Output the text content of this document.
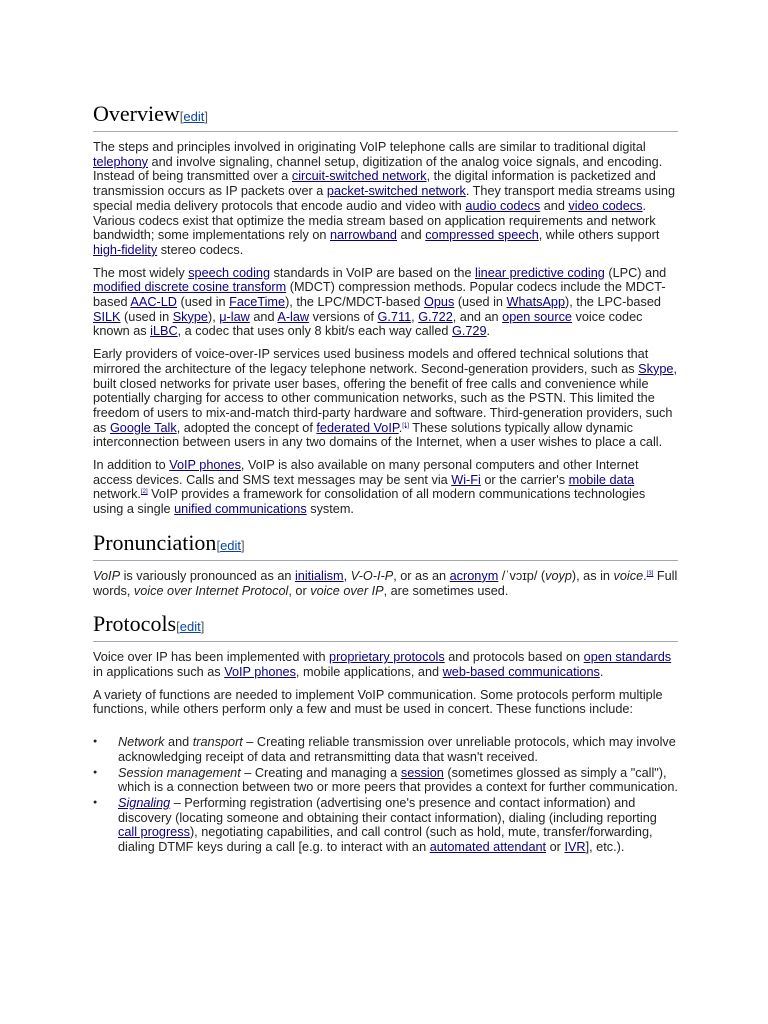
Overview[edit]

The steps and principles involved in originating VoIP telephone calls are similar to traditional digital telephony and involve signaling, channel setup, digitization of the analog voice signals, and encoding. Instead of being transmitted over a circuit-switched network, the digital information is packetized and transmission occurs as IP packets over a packet-switched network. They transport media streams using special media delivery protocols that encode audio and video with audio codecs and video codecs. Various codecs exist that optimize the media stream based on application requirements and network bandwidth; some implementations rely on narrowband and compressed speech, while others support high-fidelity stereo codecs.

The most widely speech coding standards in VoIP are based on the linear predictive coding (LPC) and modified discrete cosine transform (MDCT) compression methods. Popular codecs include the MDCT-based AAC-LD (used in FaceTime), the LPC/MDCT-based Opus (used in WhatsApp), the LPC-based SILK (used in Skype), μ-law and A-law versions of G.711, G.722, and an open source voice codec known as iLBC, a codec that uses only 8 kbit/s each way called G.729.

Early providers of voice-over-IP services used business models and offered technical solutions that mirrored the architecture of the legacy telephone network. Second-generation providers, such as Skype, built closed networks for private user bases, offering the benefit of free calls and convenience while potentially charging for access to other communication networks, such as the PSTN. This limited the freedom of users to mix-and-match third-party hardware and software. Third-generation providers, such as Google Talk, adopted the concept of federated VoIP.[1] These solutions typically allow dynamic interconnection between users in any two domains of the Internet, when a user wishes to place a call.

In addition to VoIP phones, VoIP is also available on many personal computers and other Internet access devices. Calls and SMS text messages may be sent via Wi-Fi or the carrier's mobile data network.[2] VoIP provides a framework for consolidation of all modern communications technologies using a single unified communications system.

Pronunciation[edit]

VoIP is variously pronounced as an initialism, V-O-I-P, or as an acronym /ˈvɔɪp/ (voyp), as in voice.[3] Full words, voice over Internet Protocol, or voice over IP, are sometimes used.

Protocols[edit]

Voice over IP has been implemented with proprietary protocols and protocols based on open standards in applications such as VoIP phones, mobile applications, and web-based communications.

A variety of functions are needed to implement VoIP communication. Some protocols perform multiple functions, while others perform only a few and must be used in concert. These functions include:

● Network and transport – Creating reliable transmission over unreliable protocols, which may involve acknowledging receipt of data and retransmitting data that wasn't received.
● Session management – Creating and managing a session (sometimes glossed as simply a "call"), which is a connection between two or more peers that provides a context for further communication.
● Signaling – Performing registration (advertising one's presence and contact information) and discovery (locating someone and obtaining their contact information), dialing (including reporting call progress), negotiating capabilities, and call control (such as hold, mute, transfer/forwarding, dialing DTMF keys during a call [e.g. to interact with an automated attendant or IVR], etc.).
